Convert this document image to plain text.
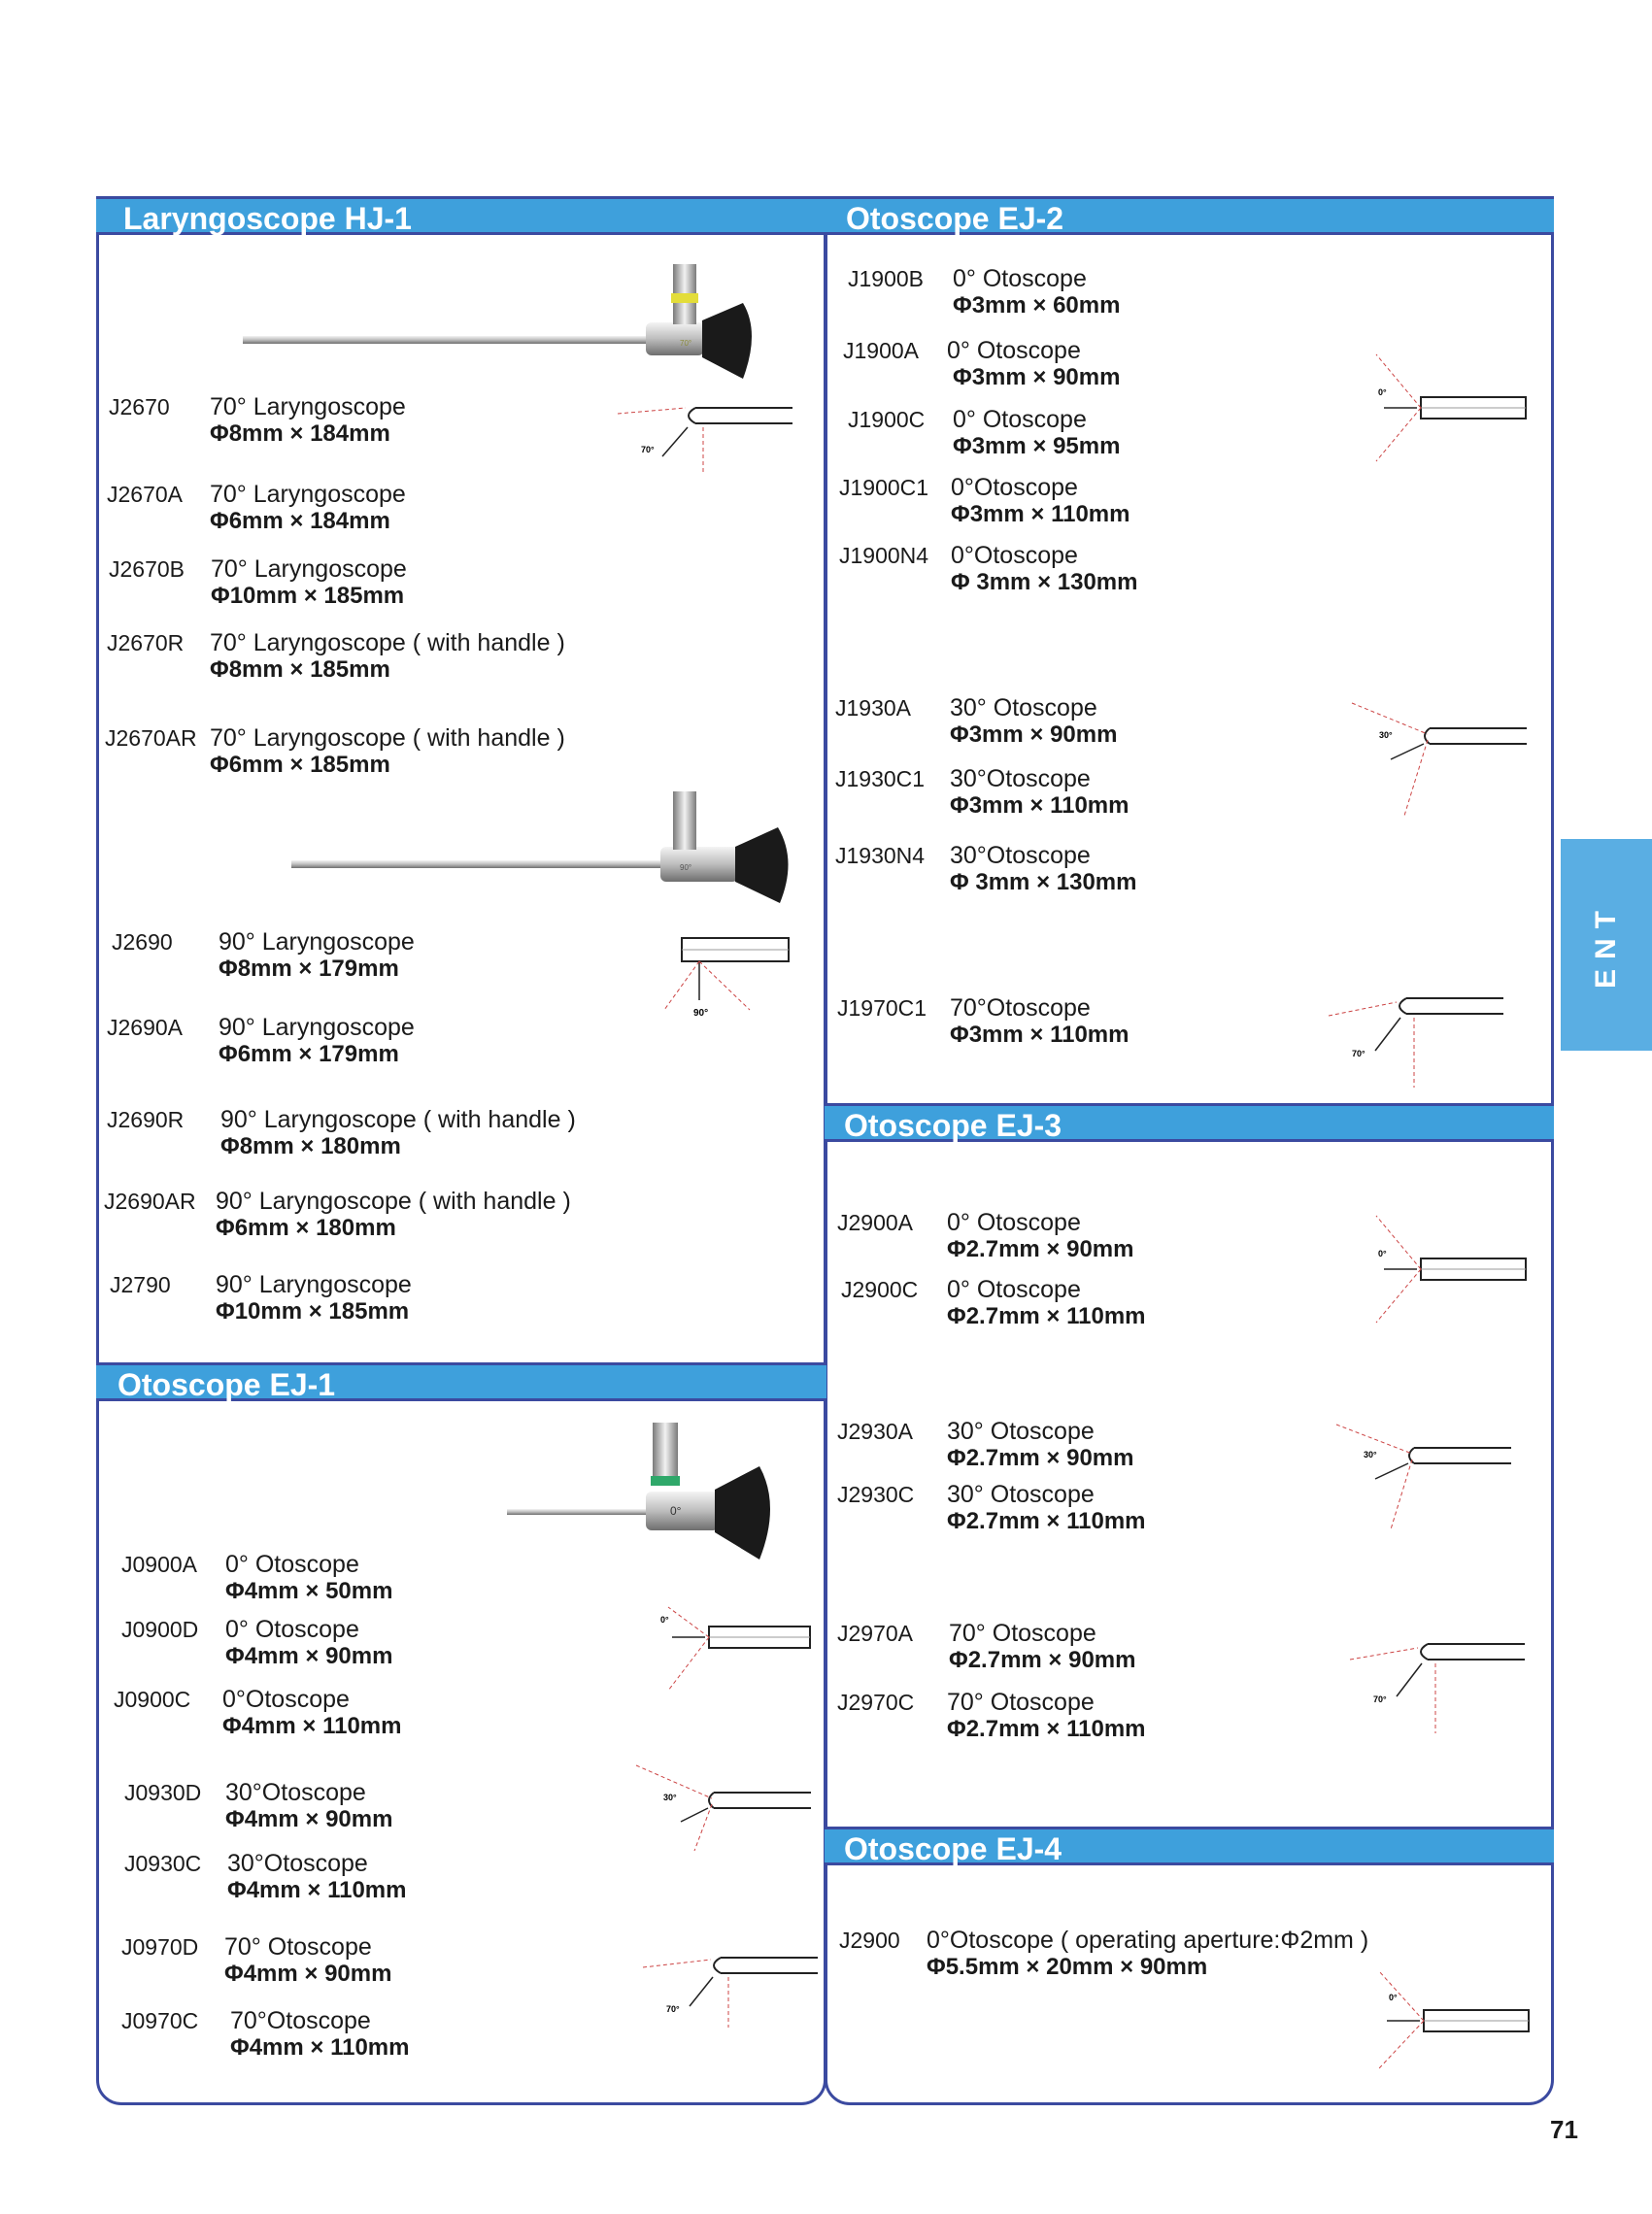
Laryngoscope HJ-1	Otoscope EJ-2
Otoscope EJ-1
Otoscope EJ-3
Otoscope EJ-4
J2670 70° Laryngoscope
Φ8mm × 184mm
J2670A 70° Laryngoscope
Φ6mm × 184mm
J2670B 70° Laryngoscope
Φ10mm × 185mm
J2670R 70° Laryngoscope ( with handle )
Φ8mm × 185mm
J2670AR 70° Laryngoscope ( with handle )
Φ6mm × 185mm
J2690 90° Laryngoscope
Φ8mm × 179mm
J2690A 90° Laryngoscope
Φ6mm × 179mm
J2690R 90° Laryngoscope ( with handle )
Φ8mm × 180mm
J2690AR 90° Laryngoscope ( with handle )
Φ6mm × 180mm
J2790 90° Laryngoscope
Φ10mm × 185mm
J0900A 0° Otoscope
Φ4mm × 50mm
J0900D 0° Otoscope
Φ4mm × 90mm
J0900C 0°Otoscope
Φ4mm × 110mm
J0930D 30°Otoscope
Φ4mm × 90mm
J0930C 30°Otoscope
Φ4mm × 110mm
J0970D 70° Otoscope
Φ4mm × 90mm
J0970C 70°Otoscope
Φ4mm × 110mm
J1900B 0° Otoscope
Φ3mm × 60mm
J1900A 0° Otoscope
Φ3mm × 90mm
J1900C 0° Otoscope
Φ3mm × 95mm
J1900C1 0°Otoscope
Φ3mm × 110mm
J1900N4 0°Otoscope
Φ 3mm × 130mm
J1930A 30° Otoscope
Φ3mm × 90mm
J1930C1 30°Otoscope
Φ3mm × 110mm
J1930N4 30°Otoscope
Φ 3mm × 130mm
J1970C1 70°Otoscope
Φ3mm × 110mm
J2900A 0° Otoscope
Φ2.7mm × 90mm
J2900C 0° Otoscope
Φ2.7mm × 110mm
J2930A 30° Otoscope
Φ2.7mm × 90mm
J2930C 30° Otoscope
Φ2.7mm × 110mm
J2970A 70° Otoscope
Φ2.7mm × 90mm
J2970C 70° Otoscope
Φ2.7mm × 110mm
J2900 0°Otoscope ( operating aperture:Φ2mm )
Φ5.5mm × 20mm × 90mm
70°
90°
0°
70°
90°
0°
30°
70°
0°
30°
70°
0°
30°
70°
0°
ENT
71
